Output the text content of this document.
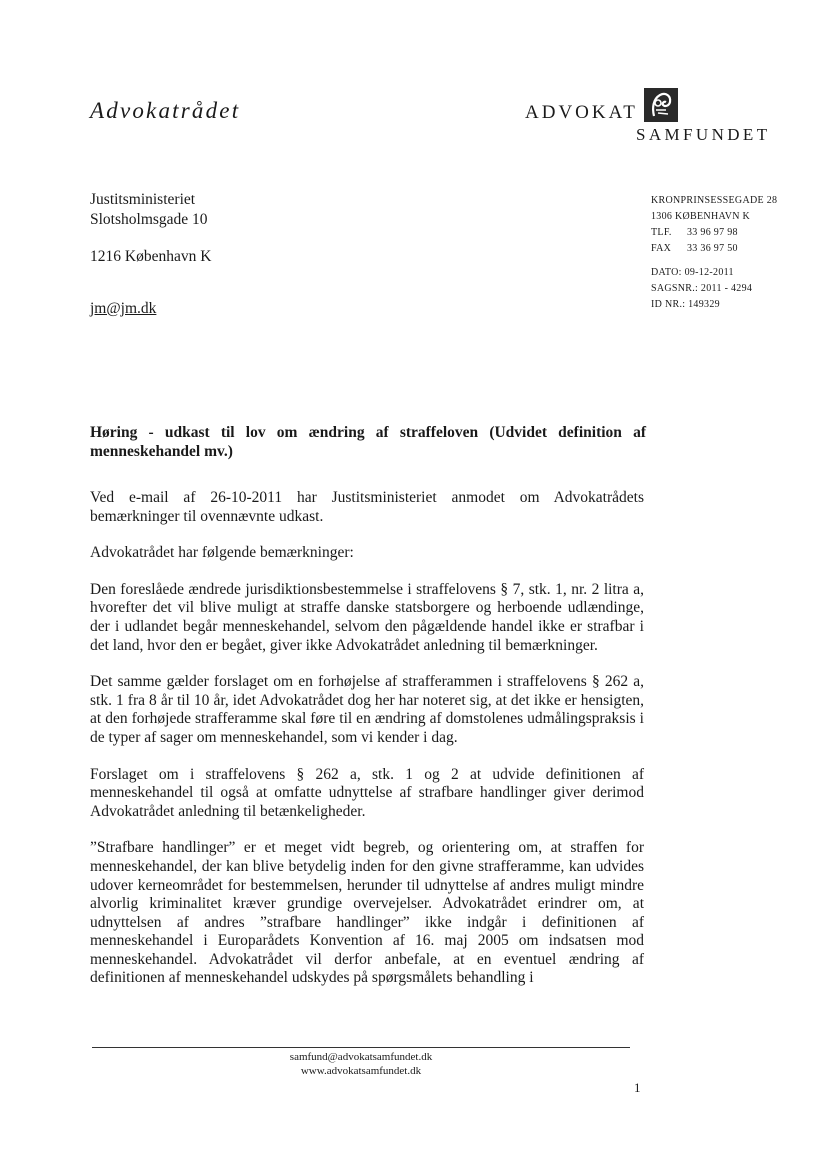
Advokatrådet	ADVOKAT
SAMFUNDET
Justitsministeriet
Slotsholmsgade 10
1216 København K
jm@jm.dk
KRONPRINSESSEGADE 28
1306 KØBENHAVN K
TLF. 33 96 97 98
FAX 33 36 97 50
DATO: 09-12-2011
SAGSNR.: 2011 - 4294
ID NR.: 149329
Høring - udkast til lov om ændring af straffeloven (Udvidet definition af menneskehandel mv.)

Ved e-mail af 26-10-2011 har Justitsministeriet anmodet om Advokatrådets bemærkninger til ovennævnte udkast.

Advokatrådet har følgende bemærkninger:

Den foreslåede ændrede jurisdiktionsbestemmelse i straffelovens § 7, stk. 1, nr. 2 litra a, hvorefter det vil blive muligt at straffe danske statsborgere og herboende udlændinge, der i udlandet begår menneskehandel, selvom den pågældende handel ikke er strafbar i det land, hvor den er begået, giver ikke Advokatrådet anledning til bemærkninger.

Det samme gælder forslaget om en forhøjelse af strafferammen i straffelovens § 262 a, stk. 1 fra 8 år til 10 år, idet Advokatrådet dog her har noteret sig, at det ikke er hensigten, at den forhøjede strafferamme skal føre til en ændring af domstolenes udmålingspraksis i de typer af sager om menneskehandel, som vi kender i dag.

Forslaget om i straffelovens § 262 a, stk. 1 og 2 at udvide definitionen af menneskehandel til også at omfatte udnyttelse af strafbare handlinger giver derimod Advokatrådet anledning til betænkeligheder.

”Strafbare handlinger” er et meget vidt begreb, og orientering om, at straffen for menneskehandel, der kan blive betydelig inden for den givne strafferamme, kan udvides udover kerneområdet for bestemmelsen, herunder til udnyttelse af andres muligt mindre alvorlig kriminalitet kræver grundige overvejelser. Advokatrådet erindrer om, at udnyttelsen af andres ”strafbare handlinger” ikke indgår i definitionen af menneskehandel i Europarådets Konvention af 16. maj 2005 om indsatsen mod menneskehandel. Advokatrådet vil derfor anbefale, at en eventuel ændring af definitionen af menneskehandel udskydes på spørgsmålets behandling i

samfund@advokatsamfundet.dk
www.advokatsamfundet.dk
1
